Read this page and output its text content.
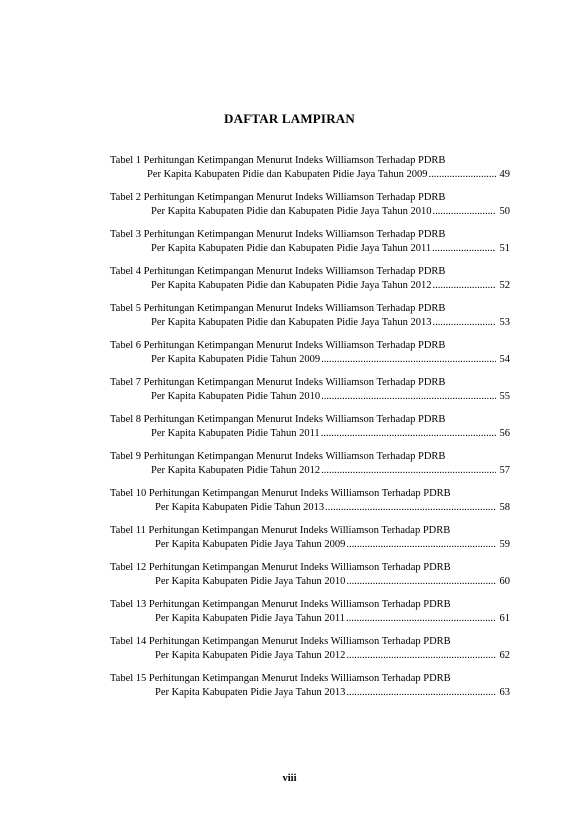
DAFTAR LAMPIRAN
Tabel 1 Perhitungan Ketimpangan Menurut Indeks Williamson Terhadap PDRB
Per Kapita Kabupaten Pidie dan Kabupaten Pidie Jaya Tahun 2009 .....	49
Tabel 2 Perhitungan Ketimpangan Menurut Indeks Williamson Terhadap PDRB
Per Kapita Kabupaten Pidie dan Kabupaten Pidie Jaya Tahun 2010 .....	50
Tabel 3 Perhitungan Ketimpangan Menurut Indeks Williamson Terhadap PDRB
Per Kapita Kabupaten Pidie dan Kabupaten Pidie Jaya Tahun 2011 .....	51
Tabel 4 Perhitungan Ketimpangan Menurut Indeks Williamson Terhadap PDRB
Per Kapita Kabupaten Pidie dan Kabupaten Pidie Jaya Tahun 2012 .....	52
Tabel 5 Perhitungan Ketimpangan Menurut Indeks Williamson Terhadap PDRB
Per Kapita Kabupaten Pidie dan Kabupaten Pidie Jaya Tahun 2013 .....	53
Tabel 6 Perhitungan Ketimpangan Menurut Indeks Williamson Terhadap PDRB
Per Kapita Kabupaten Pidie Tahun 2009 .....	54
Tabel 7 Perhitungan Ketimpangan Menurut Indeks Williamson Terhadap PDRB
Per Kapita Kabupaten Pidie Tahun 2010 .....	55
Tabel 8 Perhitungan Ketimpangan Menurut Indeks Williamson Terhadap PDRB
Per Kapita Kabupaten Pidie Tahun 2011 .....	56
Tabel 9 Perhitungan Ketimpangan Menurut Indeks Williamson Terhadap PDRB
Per Kapita Kabupaten Pidie Tahun 2012 .....	57
Tabel 10 Perhitungan Ketimpangan Menurut Indeks Williamson Terhadap PDRB
Per Kapita Kabupaten Pidie Tahun 2013 .....	58
Tabel 11 Perhitungan Ketimpangan Menurut Indeks Williamson Terhadap PDRB
Per Kapita Kabupaten Pidie Jaya Tahun 2009 .....	59
Tabel 12 Perhitungan Ketimpangan Menurut Indeks Williamson Terhadap PDRB
Per Kapita Kabupaten Pidie Jaya Tahun 2010 .....	60
Tabel 13 Perhitungan Ketimpangan Menurut Indeks Williamson Terhadap PDRB
Per Kapita Kabupaten Pidie Jaya Tahun 2011 .....	61
Tabel 14 Perhitungan Ketimpangan Menurut Indeks Williamson Terhadap PDRB
Per Kapita Kabupaten Pidie Jaya Tahun 2012 .....	62
Tabel 15 Perhitungan Ketimpangan Menurut Indeks Williamson Terhadap PDRB
Per Kapita Kabupaten Pidie Jaya Tahun 2013 .....	63
viii
